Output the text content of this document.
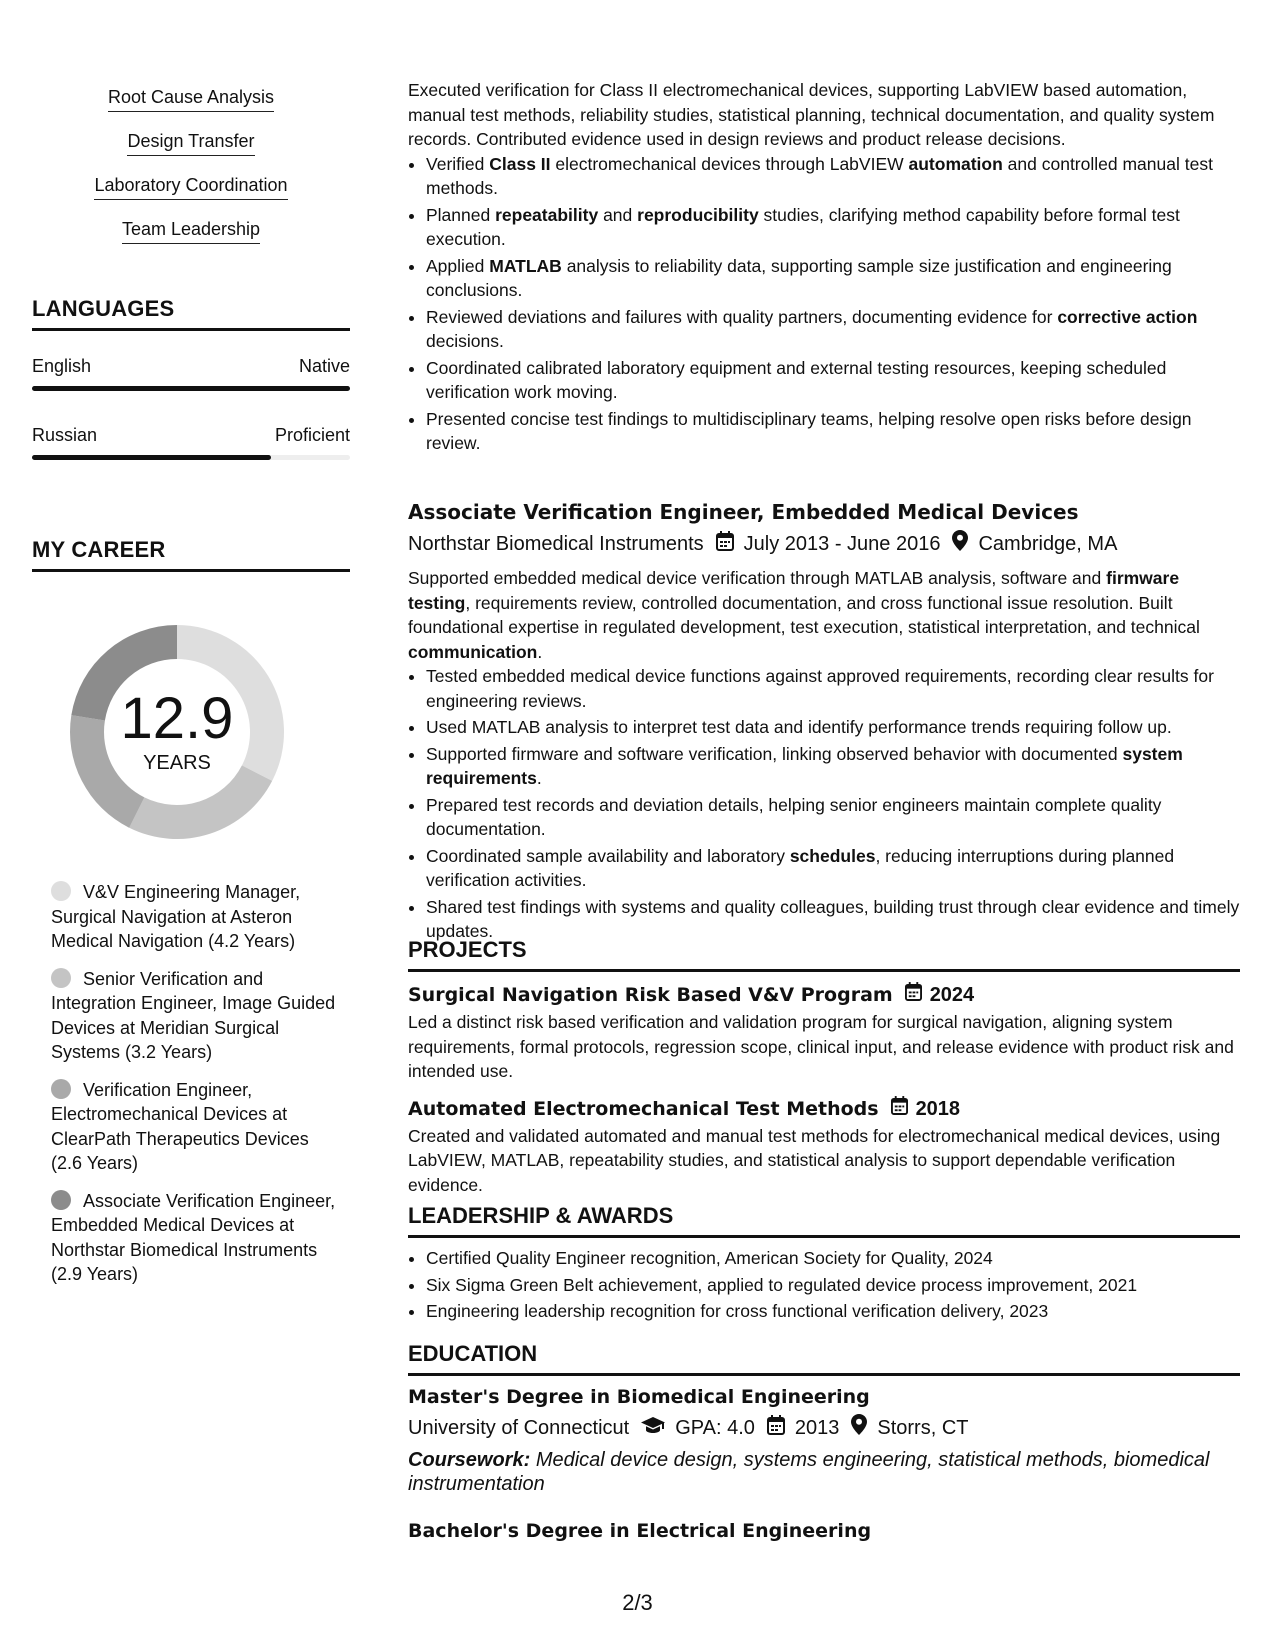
Root Cause Analysis
Design Transfer
Laboratory Coordination
Team Leadership
LANGUAGES
English	Native
Russian	Proficient
MY CAREER
12.9
YEARS
V&V Engineering Manager, Surgical Navigation at Asteron Medical Navigation (4.2 Years)
Senior Verification and Integration Engineer, Image Guided Devices at Meridian Surgical Systems (3.2 Years)
Verification Engineer, Electromechanical Devices at ClearPath Therapeutics Devices (2.6 Years)
Associate Verification Engineer, Embedded Medical Devices at Northstar Biomedical Instruments (2.9 Years)

Executed verification for Class II electromechanical devices, supporting LabVIEW based automation, manual test methods, reliability studies, statistical planning, technical documentation, and quality system records. Contributed evidence used in design reviews and product release decisions.

• Verified Class II electromechanical devices through LabVIEW automation and controlled manual test methods.
• Planned repeatability and reproducibility studies, clarifying method capability before formal test execution.
• Applied MATLAB analysis to reliability data, supporting sample size justification and engineering conclusions.
• Reviewed deviations and failures with quality partners, documenting evidence for corrective action decisions.
• Coordinated calibrated laboratory equipment and external testing resources, keeping scheduled verification work moving.
• Presented concise test findings to multidisciplinary teams, helping resolve open risks before design review.
Associate Verification Engineer, Embedded Medical Devices
Northstar Biomedical Instruments July 2013 - June 2016 Cambridge, MA

Supported embedded medical device verification through MATLAB analysis, software and firmware testing, requirements review, controlled documentation, and cross functional issue resolution. Built foundational expertise in regulated development, test execution, statistical interpretation, and technical communication.

• Tested embedded medical device functions against approved requirements, recording clear results for engineering reviews.
• Used MATLAB analysis to interpret test data and identify performance trends requiring follow up.
• Supported firmware and software verification, linking observed behavior with documented system requirements.
• Prepared test records and deviation details, helping senior engineers maintain complete quality documentation.
• Coordinated sample availability and laboratory schedules, reducing interruptions during planned verification activities.
• Shared test findings with systems and quality colleagues, building trust through clear evidence and timely updates.
PROJECTS
Surgical Navigation Risk Based V&V Program 2024

Led a distinct risk based verification and validation program for surgical navigation, aligning system requirements, formal protocols, regression scope, clinical input, and release evidence with product risk and intended use.

Automated Electromechanical Test Methods 2018

Created and validated automated and manual test methods for electromechanical medical devices, using LabVIEW, MATLAB, repeatability studies, and statistical analysis to support dependable verification evidence.

LEADERSHIP & AWARDS
• Certified Quality Engineer recognition, American Society for Quality, 2024
• Six Sigma Green Belt achievement, applied to regulated device process improvement, 2021
• Engineering leadership recognition for cross functional verification delivery, 2023
EDUCATION
Master's Degree in Biomedical Engineering
University of Connecticut GPA: 4.0 2013 Storrs, CT
Coursework: Medical device design, systems engineering, statistical methods, biomedical instrumentation
Bachelor's Degree in Electrical Engineering
2/3
